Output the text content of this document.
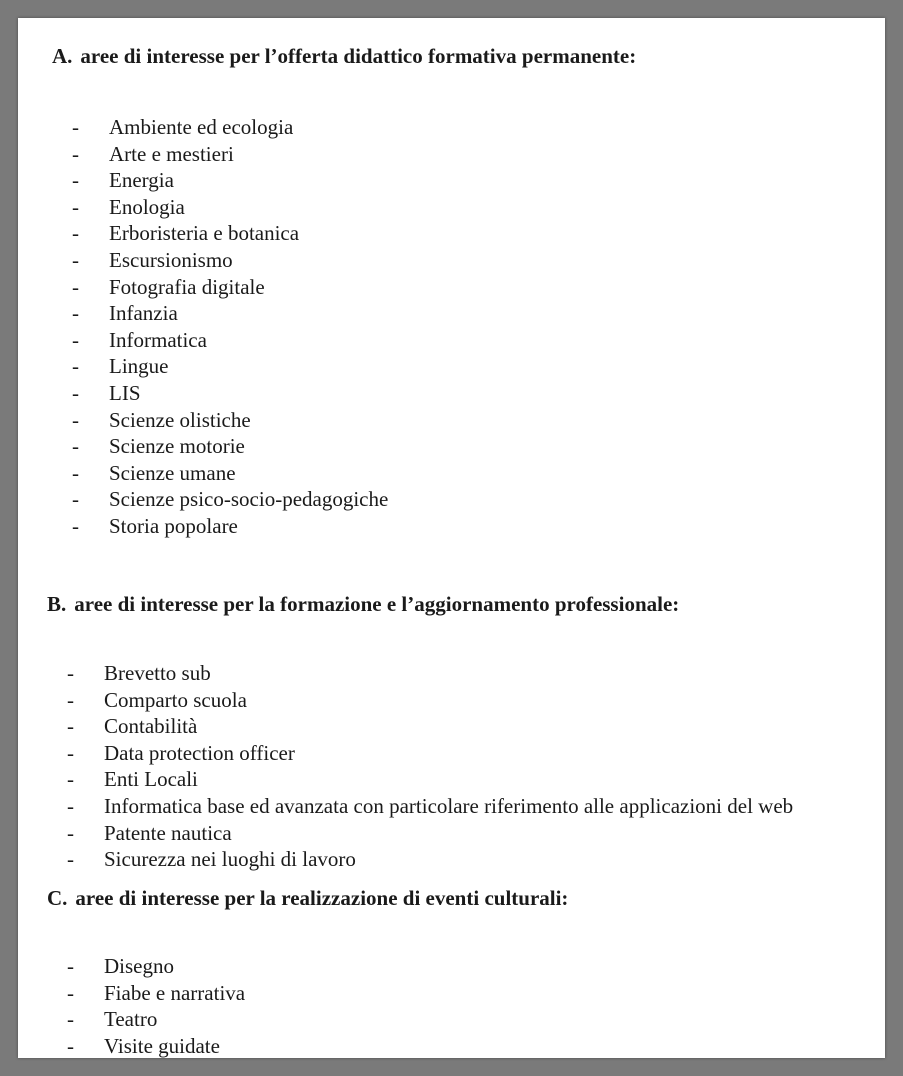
A. aree di interesse per l’offerta didattico formativa permanente:
- Ambiente ed ecologia
- Arte e mestieri
- Energia
- Enologia
- Erboristeria e botanica
- Escursionismo
- Fotografia digitale
- Infanzia
- Informatica
- Lingue
- LIS
- Scienze olistiche
- Scienze motorie
- Scienze umane
- Scienze psico-socio-pedagogiche
- Storia popolare
B. aree di interesse per la formazione e l’aggiornamento professionale:
- Brevetto sub
- Comparto scuola
- Contabilità
- Data protection officer
- Enti Locali
- Informatica base ed avanzata con particolare riferimento alle applicazioni del web
- Patente nautica
- Sicurezza nei luoghi di lavoro
C. aree di interesse per la realizzazione di eventi culturali:
- Disegno
- Fiabe e narrativa
- Teatro
- Visite guidate
